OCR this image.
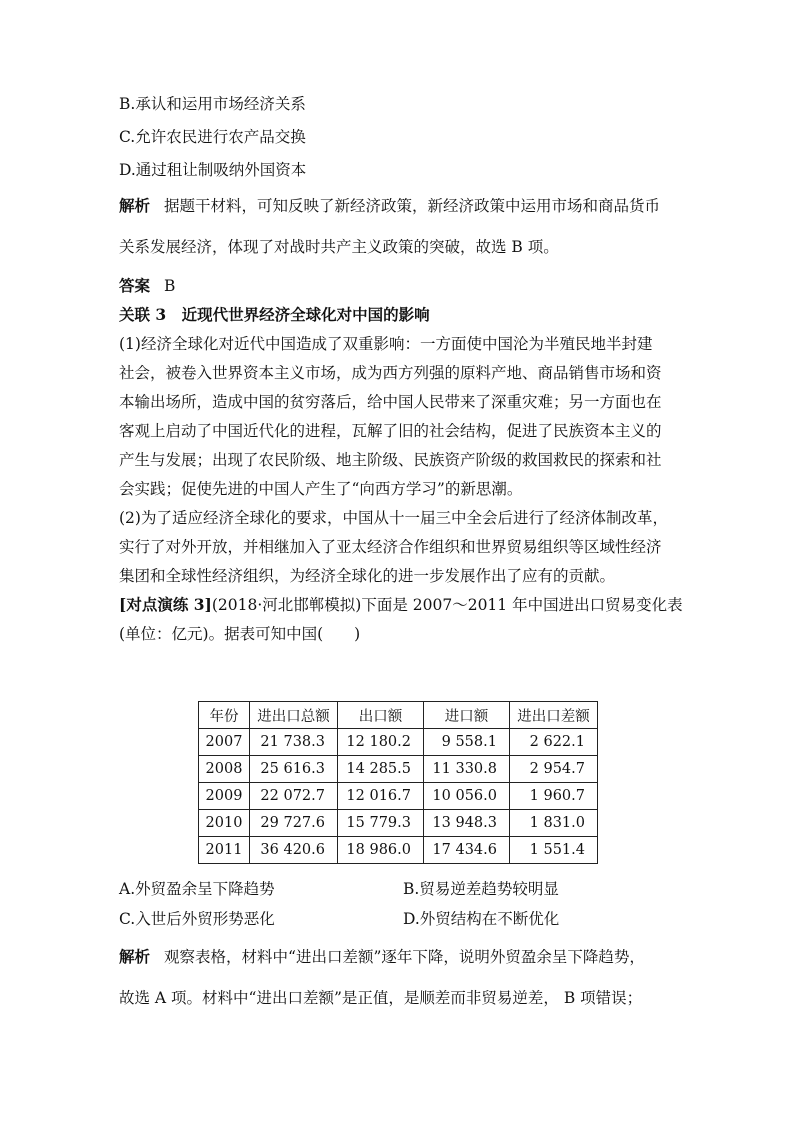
B.承认和运用市场经济关系
C.允许农民进行农产品交换
D.通过租让制吸纳外国资本
解析 据题干材料，可知反映了新经济政策，新经济政策中运用市场和商品货币
关系发展经济，体现了对战时共产主义政策的突破，故选 B 项。
答案 B
关联 3　近现代世界经济全球化对中国的影响
(1)经济全球化对近代中国造成了双重影响：一方面使中国沦为半殖民地半封建
社会，被卷入世界资本主义市场，成为西方列强的原料产地、商品销售市场和资
本输出场所，造成中国的贫穷落后，给中国人民带来了深重灾难；另一方面也在
客观上启动了中国近代化的进程，瓦解了旧的社会结构，促进了民族资本主义的
产生与发展；出现了农民阶级、地主阶级、民族资产阶级的救国救民的探索和社
会实践；促使先进的中国人产生了“向西方学习”的新思潮。
(2)为了适应经济全球化的要求，中国从十一届三中全会后进行了经济体制改革，
实行了对外开放，并相继加入了亚太经济合作组织和世界贸易组织等区域性经济
集团和全球性经济组织，为经济全球化的进一步发展作出了应有的贡献。
[对点演练 3](2018·河北邯郸模拟)下面是 2007～2011 年中国进出口贸易变化表
(单位：亿元)。据表可知中国(　　)
年份	进出口总额	出口额	进口额	进出口差额
2007	21 738.3	12 180.2	9 558.1	2 622.1
2008	25 616.3	14 285.5	11 330.8	2 954.7
2009	22 072.7	12 016.7	10 056.0	1 960.7
2010	29 727.6	15 779.3	13 948.3	1 831.0
2011	36 420.6	18 986.0	17 434.6	1 551.4
A.外贸盈余呈下降趋势	B.贸易逆差趋势较明显
C.入世后外贸形势恶化	D.外贸结构在不断优化
解析 观察表格，材料中“进出口差额”逐年下降，说明外贸盈余呈下降趋势，
故选 A 项。材料中“进出口差额”是正值，是顺差而非贸易逆差， B 项错误；
